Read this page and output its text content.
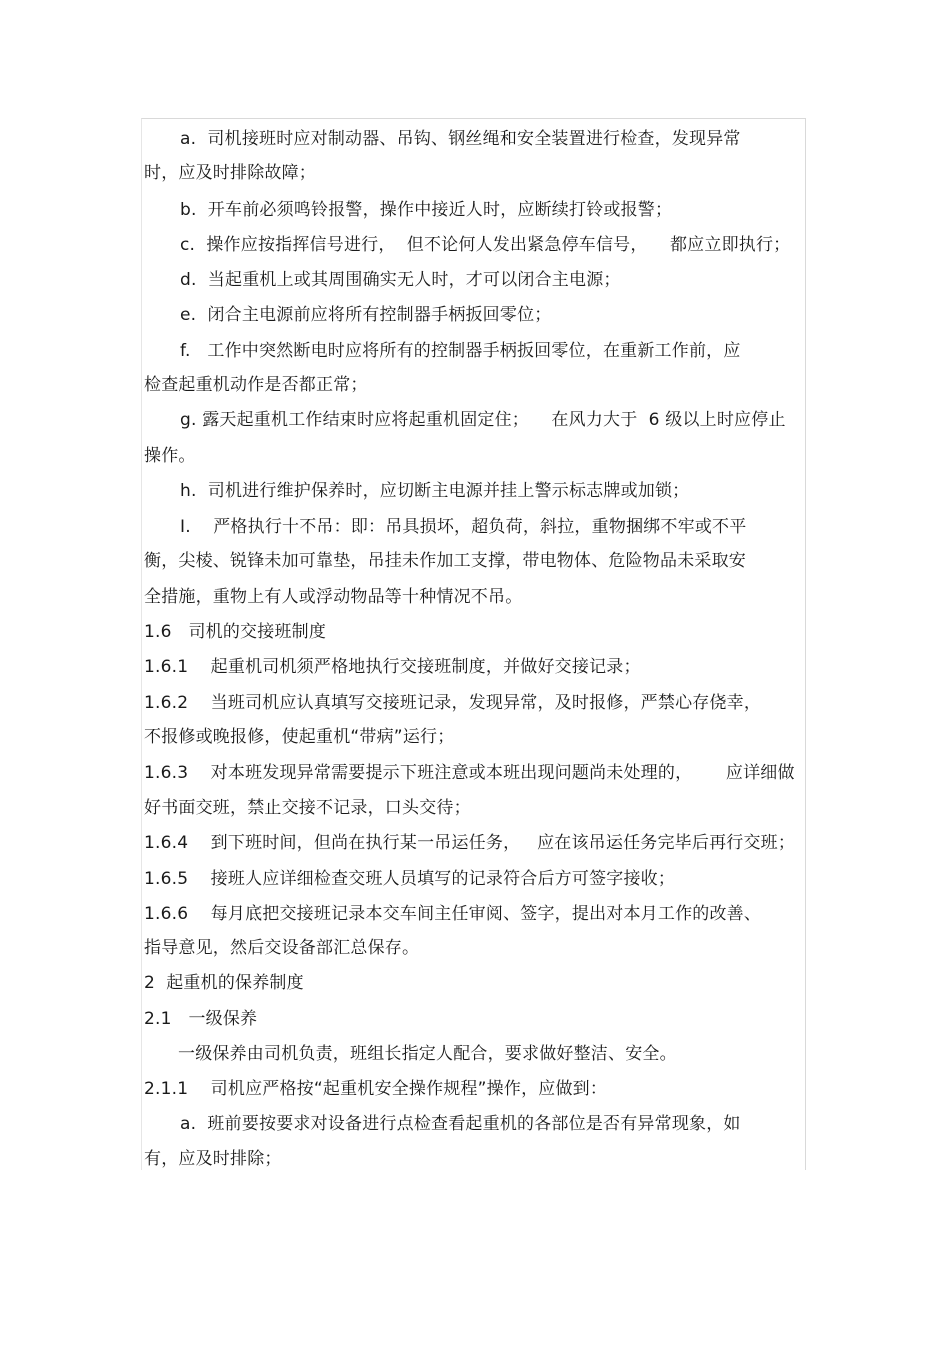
a.  司机接班时应对制动器、吊钩、钢丝绳和安全装置进行检查，发现异常
时，应及时排除故障；
b.  开车前必须鸣铃报警，操作中接近人时，应断续打铃或报警；
c.  操作应按指挥信号进行，  但不论何人发出紧急停车信号，    都应立即执行；
d.  当起重机上或其周围确实无人时，才可以闭合主电源；
e.  闭合主电源前应将所有控制器手柄扳回零位；
f.   工作中突然断电时应将所有的控制器手柄扳回零位，在重新工作前，应
检查起重机动作是否都正常；
g. 露天起重机工作结束时应将起重机固定住；    在风力大于  6 级以上时应停止
操作。
h.  司机进行维护保养时，应切断主电源并挂上警示标志牌或加锁；
I.    严格执行十不吊：即：吊具损坏，超负荷，斜拉，重物捆绑不牢或不平
衡，尖棱、锐锋未加可靠垫，吊挂未作加工支撑，带电物体、危险物品未采取安
全措施，重物上有人或浮动物品等十种情况不吊。
1.6   司机的交接班制度
1.6.1    起重机司机须严格地执行交接班制度，并做好交接记录；
1.6.2    当班司机应认真填写交接班记录，发现异常，及时报修，严禁心存侥幸，
不报修或晚报修，使起重机“带病”运行；
1.6.3    对本班发现异常需要提示下班注意或本班出现问题尚未处理的，      应详细做
好书面交班，禁止交接不记录，口头交待；
1.6.4    到下班时间，但尚在执行某一吊运任务，   应在该吊运任务完毕后再行交班；
1.6.5    接班人应详细检查交班人员填写的记录符合后方可签字接收；
1.6.6    每月底把交接班记录本交车间主任审阅、签字，提出对本月工作的改善、
指导意见，然后交设备部汇总保存。
2  起重机的保养制度
2.1   一级保养
一级保养由司机负责，班组长指定人配合，要求做好整洁、安全。
2.1.1    司机应严格按“起重机安全操作规程”操作，应做到：
a.  班前要按要求对设备进行点检查看起重机的各部位是否有异常现象，如
有，应及时排除；
